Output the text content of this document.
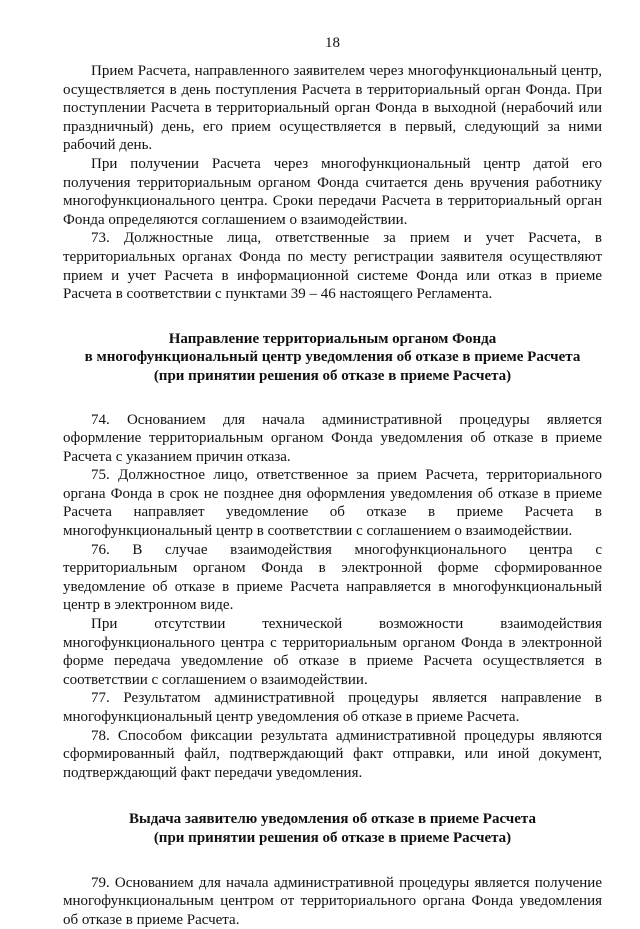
18

Прием Расчета, направленного заявителем через многофункциональный центр, осуществляется в день поступления Расчета в территориальный орган Фонда. При поступлении Расчета в территориальный орган Фонда в выходной (нерабочий или праздничный) день, его прием осуществляется в первый, следующий за ними рабочий день.

При получении Расчета через многофункциональный центр датой его получения территориальным органом Фонда считается день вручения работнику многофункционального центра. Сроки передачи Расчета в территориальный орган Фонда определяются соглашением о взаимодействии.

73. Должностные лица, ответственные за прием и учет Расчета, в территориальных органах Фонда по месту регистрации заявителя осуществляют прием и учет Расчета в информационной системе Фонда или отказ в приеме Расчета в соответствии с пунктами 39 – 46 настоящего Регламента.

Направление территориальным органом Фонда

в многофункциональный центр уведомления об отказе в приеме Расчета

(при принятии решения об отказе в приеме Расчета)

74. Основанием для начала административной процедуры является оформление территориальным органом Фонда уведомления об отказе в приеме Расчета с указанием причин отказа.

75. Должностное лицо, ответственное за прием Расчета, территориального органа Фонда в срок не позднее дня оформления уведомления об отказе в приеме Расчета направляет уведомление об отказе в приеме Расчета в многофункциональный центр в соответствии с соглашением о взаимодействии.

76. В случае взаимодействия многофункционального центра с территориальным органом Фонда в электронной форме сформированное уведомление об отказе в приеме Расчета направляется в многофункциональный центр в электронном виде.

При отсутствии технической возможности взаимодействия многофункционального центра с территориальным органом Фонда в электронной форме передача уведомление об отказе в приеме Расчета осуществляется в соответствии с соглашением о взаимодействии.

77. Результатом административной процедуры является направление в многофункциональный центр уведомления об отказе в приеме Расчета.

78. Способом фиксации результата административной процедуры являются сформированный файл, подтверждающий факт отправки, или иной документ, подтверждающий факт передачи уведомления.

Выдача заявителю уведомления об отказе в приеме Расчета

(при принятии решения об отказе в приеме Расчета)

79. Основанием для начала административной процедуры является получение многофункциональным центром от территориального органа Фонда уведомления об отказе в приеме Расчета.
